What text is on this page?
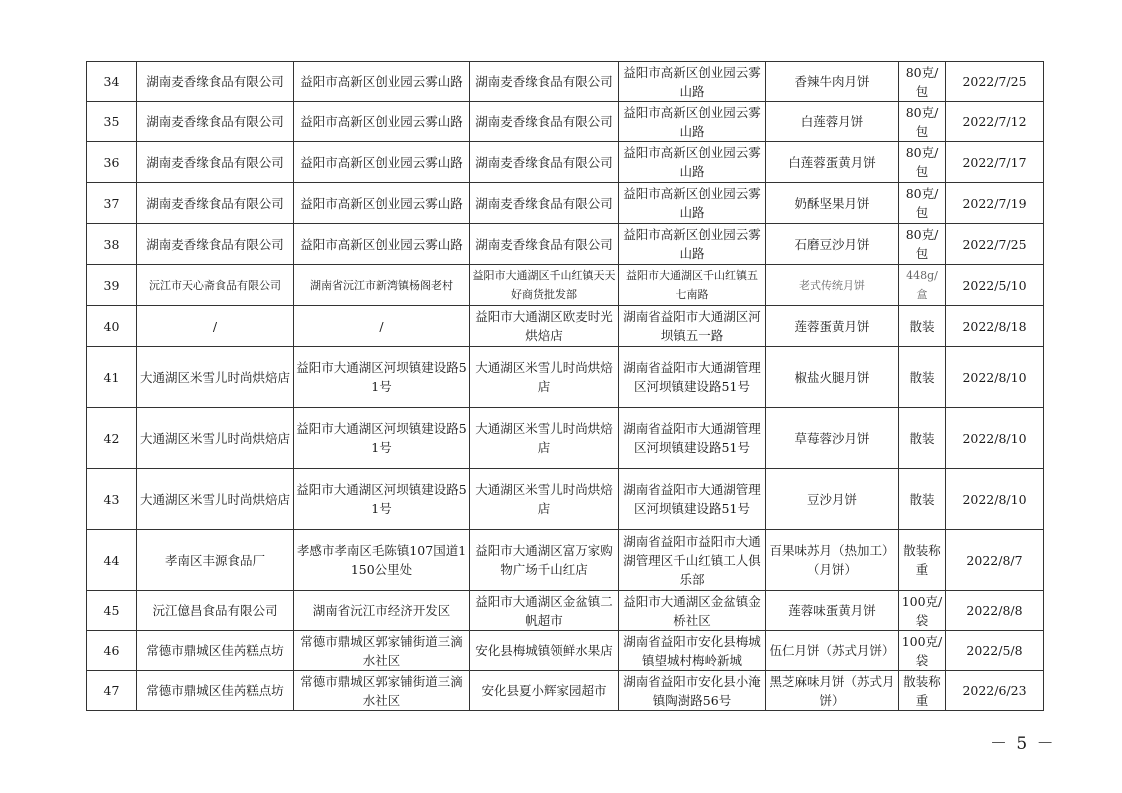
34	湖南麦香缘食品有限公司	益阳市高新区创业园云雾山路	湖南麦香缘食品有限公司	益阳市高新区创业园云雾山路	香辣牛肉月饼	80克/包	2022/7/25
35	湖南麦香缘食品有限公司	益阳市高新区创业园云雾山路	湖南麦香缘食品有限公司	益阳市高新区创业园云雾山路	白莲蓉月饼	80克/包	2022/7/12
36	湖南麦香缘食品有限公司	益阳市高新区创业园云雾山路	湖南麦香缘食品有限公司	益阳市高新区创业园云雾山路	白莲蓉蛋黄月饼	80克/包	2022/7/17
37	湖南麦香缘食品有限公司	益阳市高新区创业园云雾山路	湖南麦香缘食品有限公司	益阳市高新区创业园云雾山路	奶酥坚果月饼	80克/包	2022/7/19
38	湖南麦香缘食品有限公司	益阳市高新区创业园云雾山路	湖南麦香缘食品有限公司	益阳市高新区创业园云雾山路	石磨豆沙月饼	80克/包	2022/7/25
39	沅江市天心斋食品有限公司	湖南省沅江市新湾镇杨阁老村	益阳市大通湖区千山红镇天天好商货批发部	益阳市大通湖区千山红镇五七南路	老式传统月饼	448g/盒	2022/5/10
40	/	/	益阳市大通湖区欧麦时光烘焙店	湖南省益阳市大通湖区河坝镇五一路	莲蓉蛋黄月饼	散装	2022/8/18
41	大通湖区米雪儿时尚烘焙店	益阳市大通湖区河坝镇建设路51号	大通湖区米雪儿时尚烘焙店	湖南省益阳市大通湖管理区河坝镇建设路51号	椒盐火腿月饼	散装	2022/8/10
42	大通湖区米雪儿时尚烘焙店	益阳市大通湖区河坝镇建设路51号	大通湖区米雪儿时尚烘焙店	湖南省益阳市大通湖管理区河坝镇建设路51号	草莓蓉沙月饼	散装	2022/8/10
43	大通湖区米雪儿时尚烘焙店	益阳市大通湖区河坝镇建设路51号	大通湖区米雪儿时尚烘焙店	湖南省益阳市大通湖管理区河坝镇建设路51号	豆沙月饼	散装	2022/8/10
44	孝南区丰源食品厂	孝感市孝南区毛陈镇107国道1150公里处	益阳市大通湖区富万家购物广场千山红店	湖南省益阳市益阳市大通湖管理区千山红镇工人俱乐部	百果味苏月（热加工）（月饼）	散装称重	2022/8/7
45	沅江億昌食品有限公司	湖南省沅江市经济开发区	益阳市大通湖区金盆镇二帆超市	益阳市大通湖区金盆镇金桥社区	莲蓉味蛋黄月饼	100克/袋	2022/8/8
46	常德市鼎城区佳芮糕点坊	常德市鼎城区郭家铺街道三滴水社区	安化县梅城镇领鲜水果店	湖南省益阳市安化县梅城镇望城村梅岭新城	伍仁月饼（苏式月饼）	100克/袋	2022/5/8
47	常德市鼎城区佳芮糕点坊	常德市鼎城区郭家铺街道三滴水社区	安化县夏小辉家园超市	湖南省益阳市安化县小淹镇陶澍路56号	黑芝麻味月饼（苏式月饼）	散装称重	2022/6/23
－ 5 －
